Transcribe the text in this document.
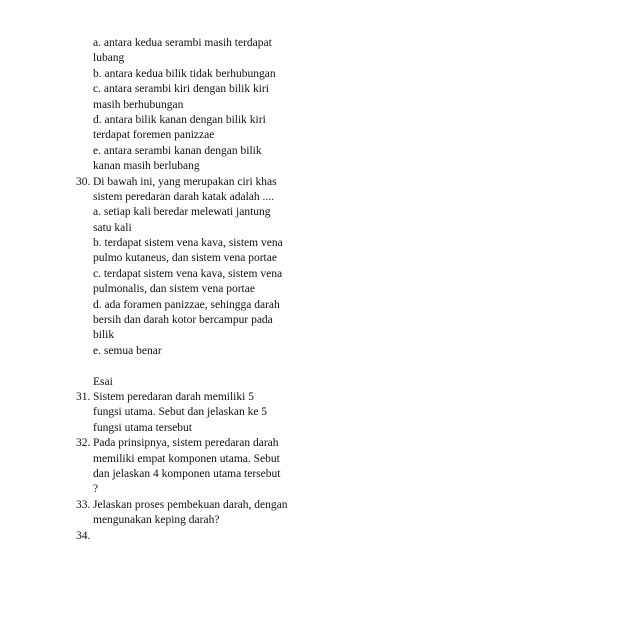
a. antara kedua serambi masih terdapat
lubang
b. antara kedua bilik tidak berhubungan
c. antara serambi kiri dengan bilik kiri
masih berhubungan
d. antara bilik kanan dengan bilik kiri
terdapat foremen panizzae
e. antara serambi kanan dengan bilik
kanan masih berlubang
30. Di bawah ini, yang merupakan ciri khas
sistem peredaran darah katak adalah ....
a. setiap kali beredar melewati jantung
satu kali
b. terdapat sistem vena kava, sistem vena
pulmo kutaneus, dan sistem vena portae
c. terdapat sistem vena kava, sistem vena
pulmonalis, dan sistem vena portae
d. ada foramen panizzae, sehingga darah
bersih dan darah kotor bercampur pada
bilik
e. semua benar
Esai
31. Sistem peredaran darah memiliki 5
fungsi utama. Sebut dan jelaskan ke 5
fungsi utama tersebut
32. Pada prinsipnya, sistem peredaran darah
memiliki empat komponen utama. Sebut
dan jelaskan 4 komponen utama tersebut
?
33. Jelaskan proses pembekuan darah, dengan
mengunakan keping darah?
34.
